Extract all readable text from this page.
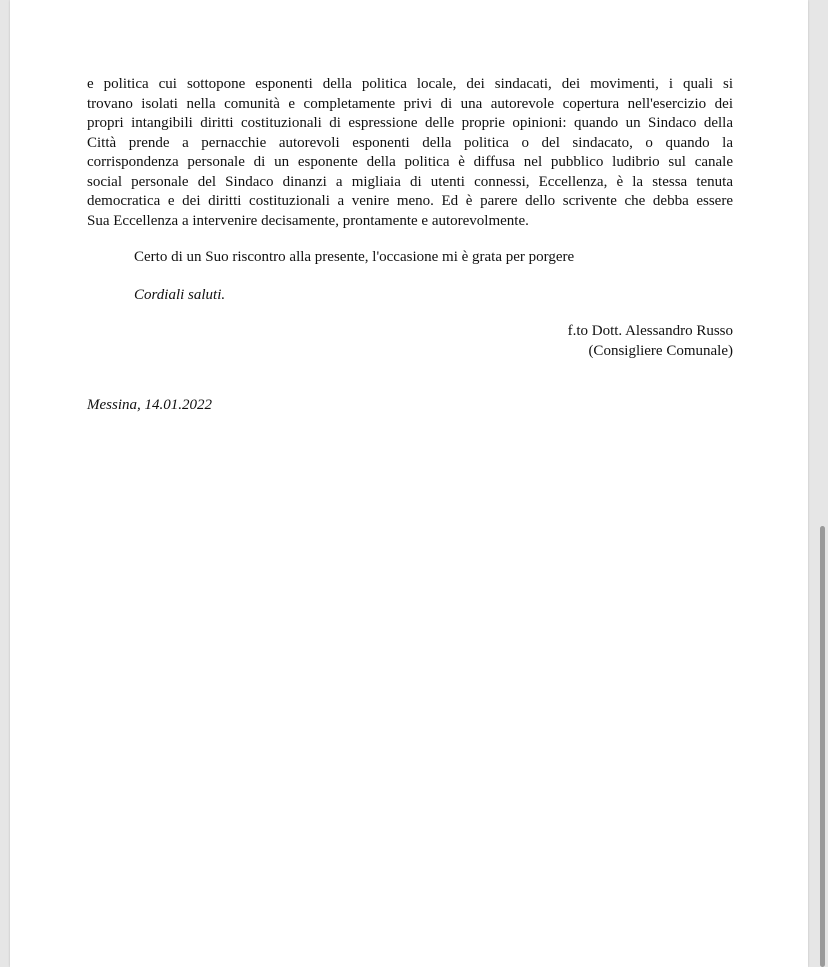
e politica cui sottopone esponenti della politica locale, dei sindacati, dei movimenti, i quali si
trovano isolati nella comunità e completamente privi di una autorevole copertura nell'esercizio dei
propri intangibili diritti costituzionali di espressione delle proprie opinioni: quando un Sindaco della
Città prende a pernacchie autorevoli esponenti della politica o del sindacato, o quando la
corrispondenza personale di un esponente della politica è diffusa nel pubblico ludibrio sul canale
social personale del Sindaco dinanzi a migliaia di utenti connessi, Eccellenza, è la stessa tenuta
democratica e dei diritti costituzionali a venire meno. Ed è parere dello scrivente che debba essere
Sua Eccellenza a intervenire decisamente, prontamente e autorevolmente.

Certo di un Suo riscontro alla presente, l'occasione mi è grata per porgere

Cordiali saluti.

f.to Dott. Alessandro Russo
(Consigliere Comunale)
Messina, 14.01.2022
